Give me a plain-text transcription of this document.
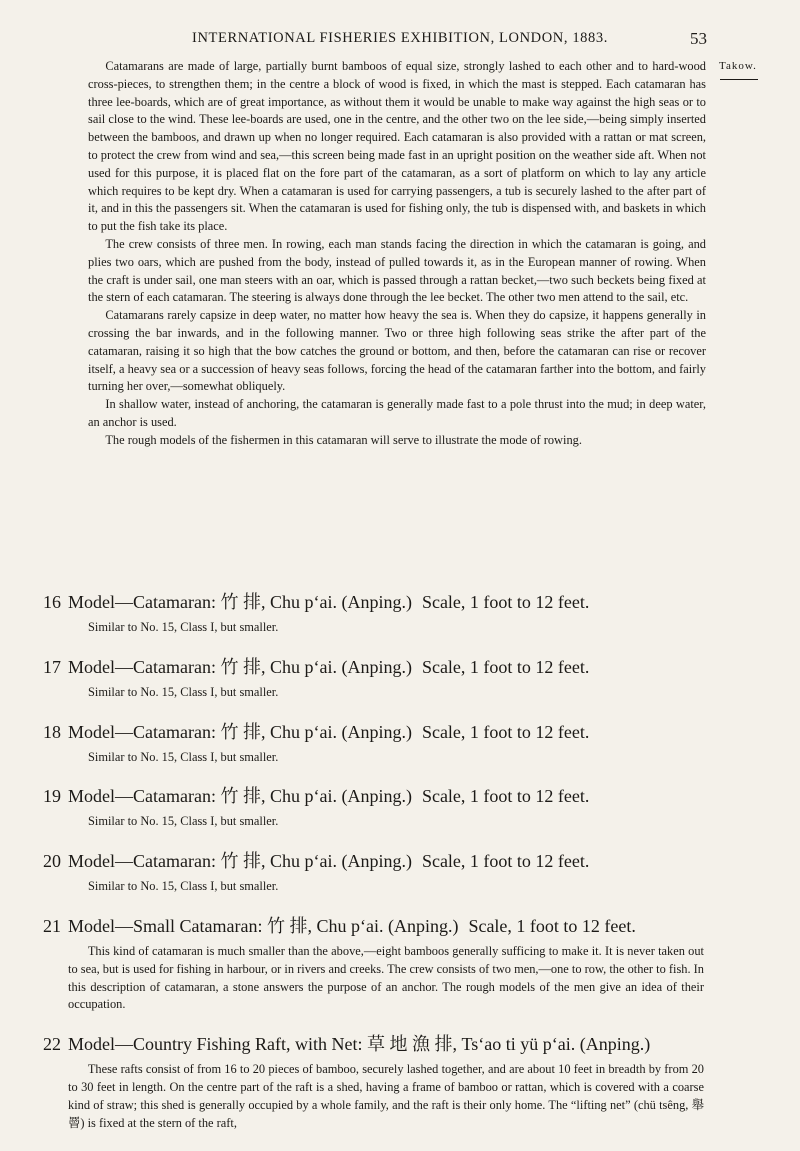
INTERNATIONAL FISHERIES EXHIBITION, LONDON, 1883.	53
Takow.

Catamarans are made of large, partially burnt bamboos of equal size, strongly lashed to each other and to hard-wood cross-pieces, to strengthen them; in the centre a block of wood is fixed, in which the mast is stepped. Each catamaran has three lee-boards, which are of great importance, as without them it would be unable to make way against the high seas or to sail close to the wind. These lee-boards are used, one in the centre, and the other two on the lee side,—being simply inserted between the bamboos, and drawn up when no longer required. Each catamaran is also provided with a rattan or mat screen, to protect the crew from wind and sea,—this screen being made fast in an upright position on the weather side aft. When not used for this purpose, it is placed flat on the fore part of the catamaran, as a sort of platform on which to lay any article which requires to be kept dry. When a catamaran is used for carrying passengers, a tub is securely lashed to the after part of it, and in this the passengers sit. When the catamaran is used for fishing only, the tub is dispensed with, and baskets in which to put the fish take its place.

The crew consists of three men. In rowing, each man stands facing the direction in which the catamaran is going, and plies two oars, which are pushed from the body, instead of pulled towards it, as in the European manner of rowing. When the craft is under sail, one man steers with an oar, which is passed through a rattan becket,—two such beckets being fixed at the stern of each catamaran. The steering is always done through the lee becket. The other two men attend to the sail, etc.

Catamarans rarely capsize in deep water, no matter how heavy the sea is. When they do capsize, it happens generally in crossing the bar inwards, and in the following manner. Two or three high following seas strike the after part of the catamaran, raising it so high that the bow catches the ground or bottom, and then, before the catamaran can rise or recover itself, a heavy sea or a succession of heavy seas follows, forcing the head of the catamaran farther into the bottom, and fairly turning her over,—somewhat obliquely.

In shallow water, instead of anchoring, the catamaran is generally made fast to a pole thrust into the mud; in deep water, an anchor is used.

The rough models of the fishermen in this catamaran will serve to illustrate the mode of rowing.

16 Model—Catamaran: 竹 排, Chu p‘ai. (Anping.) Scale, 1 foot to 12 feet.
Similar to No. 15, Class I, but smaller.
17 Model—Catamaran: 竹 排, Chu p‘ai. (Anping.) Scale, 1 foot to 12 feet.
Similar to No. 15, Class I, but smaller.
18 Model—Catamaran: 竹 排, Chu p‘ai. (Anping.) Scale, 1 foot to 12 feet.
Similar to No. 15, Class I, but smaller.
19 Model—Catamaran: 竹 排, Chu p‘ai. (Anping.) Scale, 1 foot to 12 feet.
Similar to No. 15, Class I, but smaller.
20 Model—Catamaran: 竹 排, Chu p‘ai. (Anping.) Scale, 1 foot to 12 feet.
Similar to No. 15, Class I, but smaller.
21 Model—Small Catamaran: 竹 排, Chu p‘ai. (Anping.) Scale, 1 foot to 12 feet.

This kind of catamaran is much smaller than the above,—eight bamboos generally sufficing to make it. It is never taken out to sea, but is used for fishing in harbour, or in rivers and creeks. The crew consists of two men,—one to row, the other to fish. In this description of catamaran, a stone answers the purpose of an anchor. The rough models of the men give an idea of their occupation.

22 Model—Country Fishing Raft, with Net: 草 地 漁 排, Ts‘ao ti yü p‘ai. (Anping.)

These rafts consist of from 16 to 20 pieces of bamboo, securely lashed together, and are about 10 feet in breadth by from 20 to 30 feet in length. On the centre part of the raft is a shed, having a frame of bamboo or rattan, which is covered with a coarse kind of straw; this shed is generally occupied by a whole family, and the raft is their only home. The “lifting net” (chü tsêng, 舉 罾) is fixed at the stern of the raft,
